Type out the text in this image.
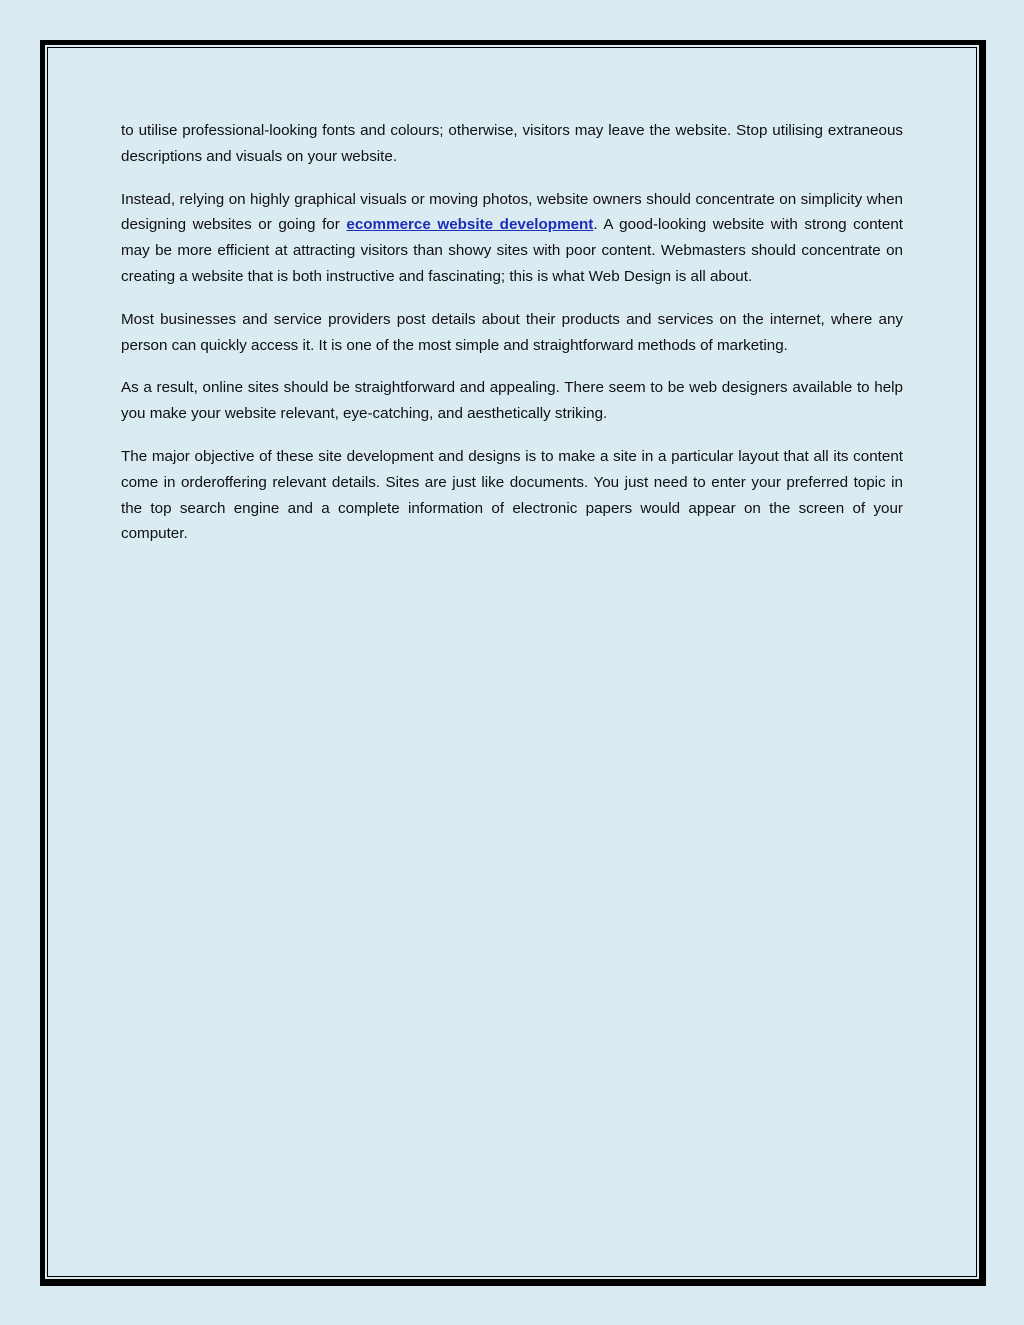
to utilise professional-looking fonts and colours; otherwise, visitors may leave the website. Stop utilising extraneous descriptions and visuals on your website.

Instead, relying on highly graphical visuals or moving photos, website owners should concentrate on simplicity when designing websites or going for ecommerce website development. A good-looking website with strong content may be more efficient at attracting visitors than showy sites with poor content. Webmasters should concentrate on creating a website that is both instructive and fascinating; this is what Web Design is all about.

Most businesses and service providers post details about their products and services on the internet, where any person can quickly access it. It is one of the most simple and straightforward methods of marketing.

As a result, online sites should be straightforward and appealing. There seem to be web designers available to help you make your website relevant, eye-catching, and aesthetically striking.

The major objective of these site development and designs is to make a site in a particular layout that all its content come in orderoffering relevant details. Sites are just like documents. You just need to enter your preferred topic in the top search engine and a complete information of electronic papers would appear on the screen of your computer.
